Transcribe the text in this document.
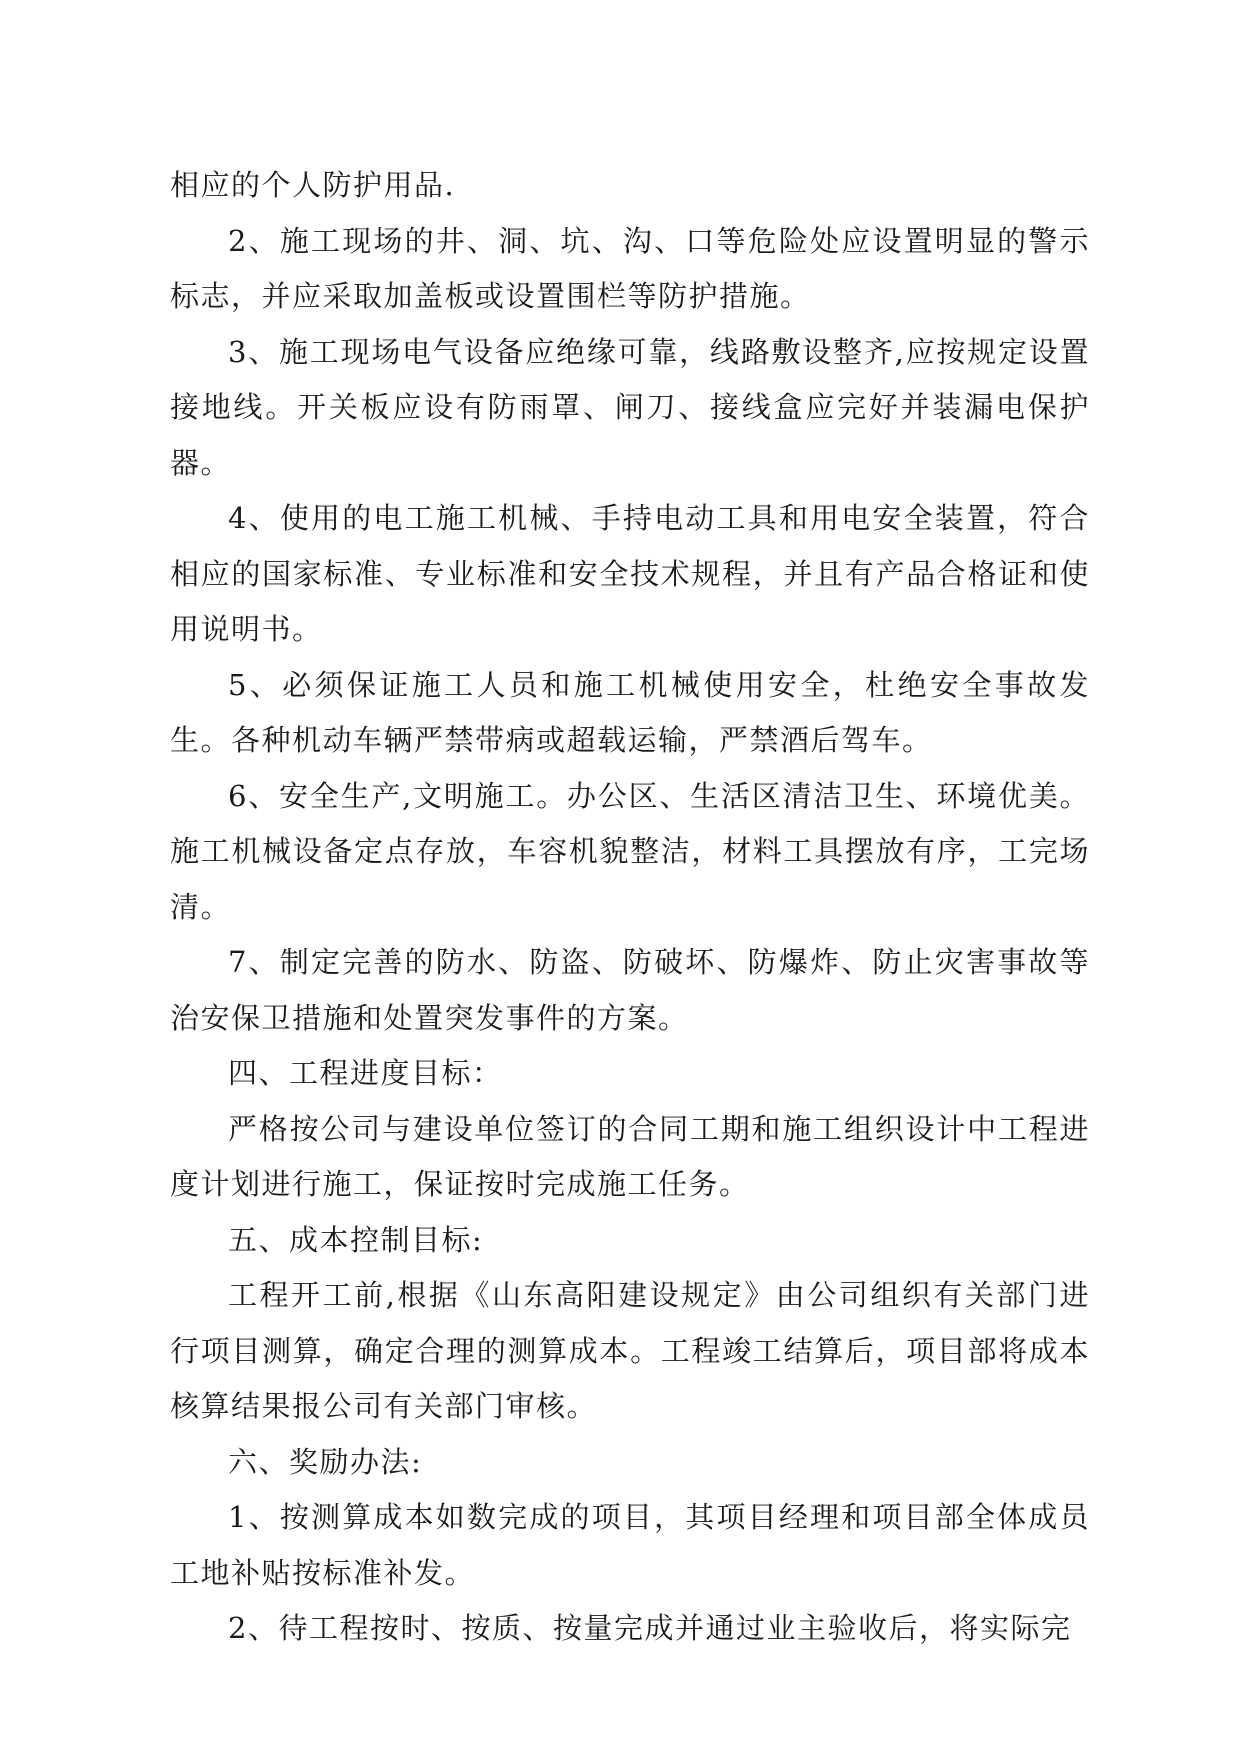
相应的个人防护用品.

2、施工现场的井、洞、坑、沟、口等危险处应设置明显的警示标志，并应采取加盖板或设置围栏等防护措施。

3、施工现场电气设备应绝缘可靠，线路敷设整齐,应按规定设置接地线。开关板应设有防雨罩、闸刀、接线盒应完好并装漏电保护器。

4、使用的电工施工机械、手持电动工具和用电安全装置，符合相应的国家标准、专业标准和安全技术规程，并且有产品合格证和使用说明书。

5、必须保证施工人员和施工机械使用安全，杜绝安全事故发生。各种机动车辆严禁带病或超载运输，严禁酒后驾车。

6、安全生产,文明施工。办公区、生活区清洁卫生、环境优美。施工机械设备定点存放，车容机貌整洁，材料工具摆放有序，工完场清。

7、制定完善的防水、防盗、防破坏、防爆炸、防止灾害事故等治安保卫措施和处置突发事件的方案。

四、工程进度目标：

严格按公司与建设单位签订的合同工期和施工组织设计中工程进度计划进行施工，保证按时完成施工任务。

五、成本控制目标:

工程开工前,根据《山东高阳建设规定》由公司组织有关部门进行项目测算，确定合理的测算成本。工程竣工结算后，项目部将成本核算结果报公司有关部门审核。

六、奖励办法:

1、按测算成本如数完成的项目，其项目经理和项目部全体成员工地补贴按标准补发。

2、待工程按时、按质、按量完成并通过业主验收后，将实际完
